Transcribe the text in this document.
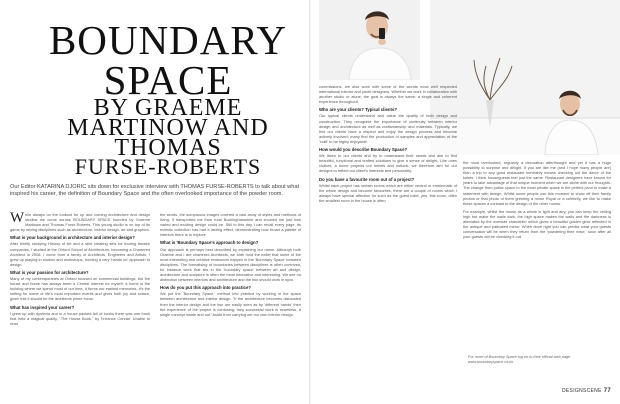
BOUNDARY
SPACE
BY GRAEME
MARTINOW AND
THOMAS
FURSE-ROBERTS

Our Editor KATARINA DJORIC sits down for exclusive interview with THOMAS FURSE-ROBERTS to talk about what inspired his career, the definition of Boundary Space and the often overlooked importance of the powder room.

While always on the lookout for up and coming architecture and design studios we come across BOUNDARY SPACE founded by Graeme Martinow and Thomas Furse-Roberts. This young studio is on top of its game by mixing disciplines such as architecture, interior design, art and graphics.

What is your background in architecture and interior design?

After briefly studying History of Art and a stint creating sets for touring theatre companies, I studied at the Oxford School of Architecture, becoming a Chartered Architect in 2008. I come from a family of Architects, Engineers and Artists, I grew up playing in studios and workshops, forming a very 'hands on' approach to design.

What is your passion for architecture?

Many of my contemporaries at Oxford focused on commercial buildings, but the house and home has always been a Central interest for myself; a home is the building where we spend most of our time, it forms our earliest memories, it's the setting for some of life's most important events and gives both joy and solace, given this it should be the architects prime focus.

What has inspired your career?

I grew up with dyslexia and in a house packed full of books there was one book that held a magical quality, "The House Book," by Terrance Conran. Unable to read

the words, the sumptuous images covered a vast array of styles and methods of living. It transported me from rural Buckinghamshire and showed me just how varied and exciting design could be. Still to this day I can recall every page, its eclectic collection has had a lasting effect, demonstrating how broad a palette of interiors there is to explore.

What is 'Boundary Space's approach to design?

Our approach is perhaps best described by explaining our name. Although both Graeme and I are chartered Architects, we both hold the belief that some of the most interesting and creative endeavors happen in the 'Boundary Space' between disciplines. The formalising of boundaries between disciplines is often contrived, for instance work that sits in the 'boundary space' between art and design, architecture and sculpture is often the most innovative and interesting. We see no distinction between interiors and architecture and the two should work in sync.

How do you put this approach into practice?

We put the 'Boundary Space,' method into practice by working in the space between architecture and interior design. "If the architecture becomes dislocated from the interior design and the two are easily seen as by 'different hands' then the experience of the project is confusing; truly successful work is seamless, a single concept inside and out" Aside from carrying out our own interior design

commissions, we also work with some of the worlds most well respected international interior and yacht designers. Whether we work in collaboration with another studio or alone, the goal is always the same; a single and coherent experience throughout.

Who are your clients? Typical clients?

Our typical clients understand and value the quality of both design and construction. They recognise the importance of continuity between interior design and architecture as well as craftsmanship and materials. Typically, we find our clients have a respect and enjoy the design process and become actively involved; many find the production of samples and appreciation of the 'craft' to be highly enjoyable.

How would you describe Boundary Space?

We listen to our clients and try to understand their needs and aim to find beautiful, functional and crafted solutions to give a sense of delight. Like ones clothes, a home projects our beliefs and outlook, we therefore aim for our designs to reflect our client's interests and personality.

Do you have a favourite room out of a project?

Whilst each project has certain rooms which are either central or emblematic of the whole design and become favourites, there are a couple of rooms which I always have special affection for such as the guest toilet, yes, this room, often the smallest room in the house is often

the most overlooked, regularly a decoration afterthought and yet it has a huge possibility to surprise and delight. If you are like me (and I hope many people are) then a trip to any good restaurant inevitably means checking out the decor of the toilets. I think houseguests feel just the same. Restaurant designers have known for years to take advantage of that unique moment when we are alone with our thoughts. The change from public space to the most private space is the perfect pivot to make a statement with design. Whilst some people use this moment to show off their family photos or that photo of them greeting a minor Royal or a celebrity, we like to make these spaces a contrast to the design of the other rooms.

For example, whilst the house as a whole is light and airy, you can keep the ceiling high but make the walls dark, the high space makes the walls and the darkness is alleviated by the oversize chandelier which gives a beautiful golden glow reflected in the antique and patinated mirror. When done right you can predict what your guests conversation will be when they return from the 'powdering their nose,' soon after all your guests will be checking it out.

For more of Boundary Space log on to their official web page www.boundaryspace.co.uk

DESIGNSCENE 77
